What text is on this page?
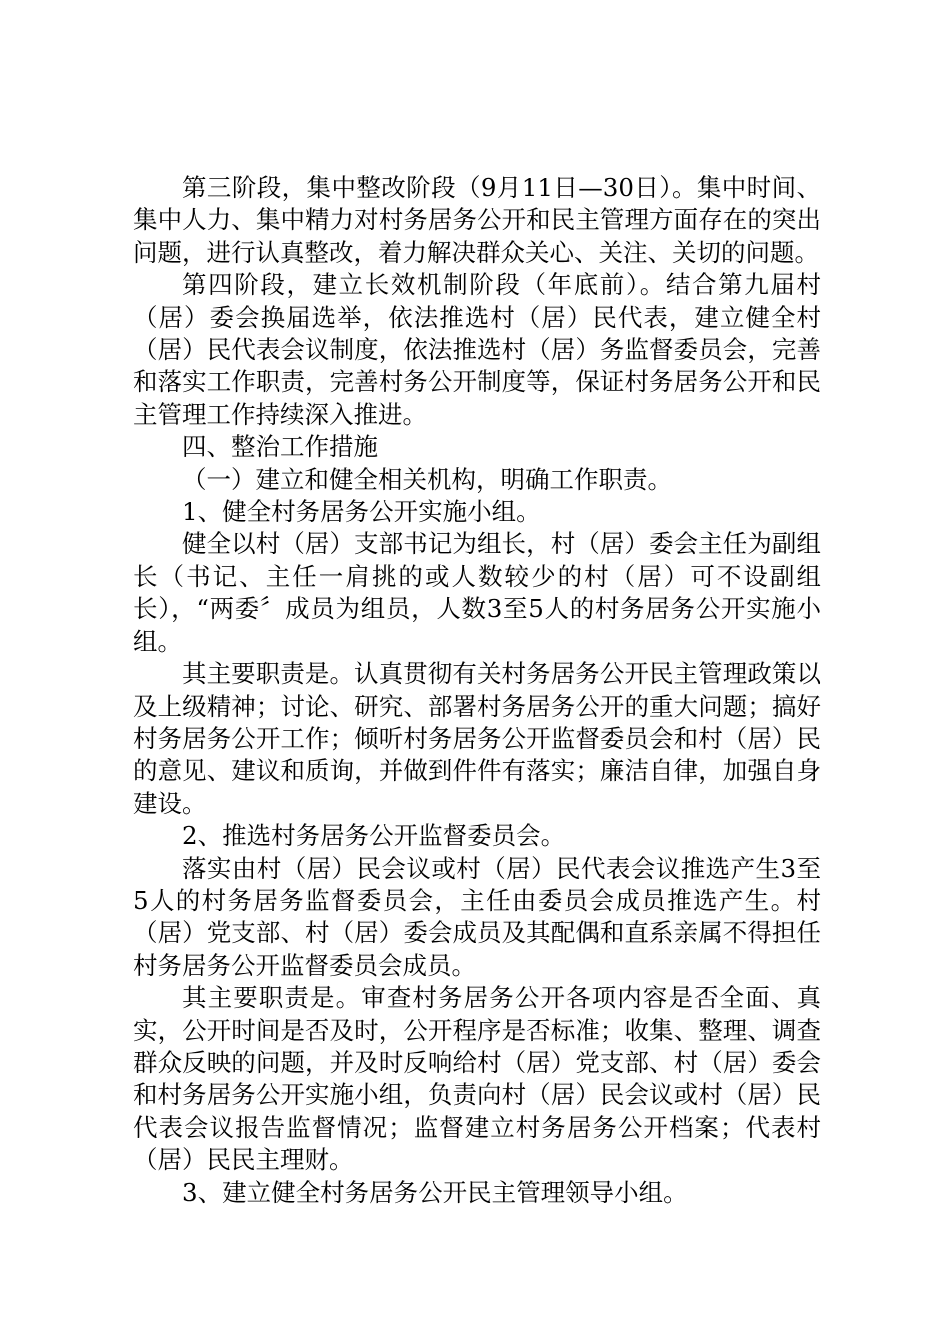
第三阶段，集中整改阶段（9月11日—30日）。集中时间、集中人力、集中精力对村务居务公开和民主管理方面存在的突出问题，进行认真整改，着力解决群众关心、关注、关切的问题。

第四阶段，建立长效机制阶段（年底前）。结合第九届村（居）委会换届选举，依法推选村（居）民代表，建立健全村（居）民代表会议制度，依法推选村（居）务监督委员会，完善和落实工作职责，完善村务公开制度等，保证村务居务公开和民主管理工作持续深入推进。

四、整治工作措施

（一）建立和健全相关机构，明确工作职责。

1、健全村务居务公开实施小组。

健全以村（居）支部书记为组长，村（居）委会主任为副组长（书记、主任一肩挑的或人数较少的村（居）可不设副组长），“两委〞成员为组员，人数3至5人的村务居务公开实施小组。

其主要职责是。认真贯彻有关村务居务公开民主管理政策以及上级精神；讨论、研究、部署村务居务公开的重大问题；搞好村务居务公开工作；倾听村务居务公开监督委员会和村（居）民的意见、建议和质询，并做到件件有落实；廉洁自律，加强自身建设。

2、推选村务居务公开监督委员会。

落实由村（居）民会议或村（居）民代表会议推选产生3至5人的村务居务监督委员会，主任由委员会成员推选产生。村（居）党支部、村（居）委会成员及其配偶和直系亲属不得担任村务居务公开监督委员会成员。

其主要职责是。审查村务居务公开各项内容是否全面、真实，公开时间是否及时，公开程序是否标准；收集、整理、调查群众反映的问题，并及时反响给村（居）党支部、村（居）委会和村务居务公开实施小组，负责向村（居）民会议或村（居）民代表会议报告监督情况；监督建立村务居务公开档案；代表村（居）民民主理财。

3、建立健全村务居务公开民主管理领导小组。
